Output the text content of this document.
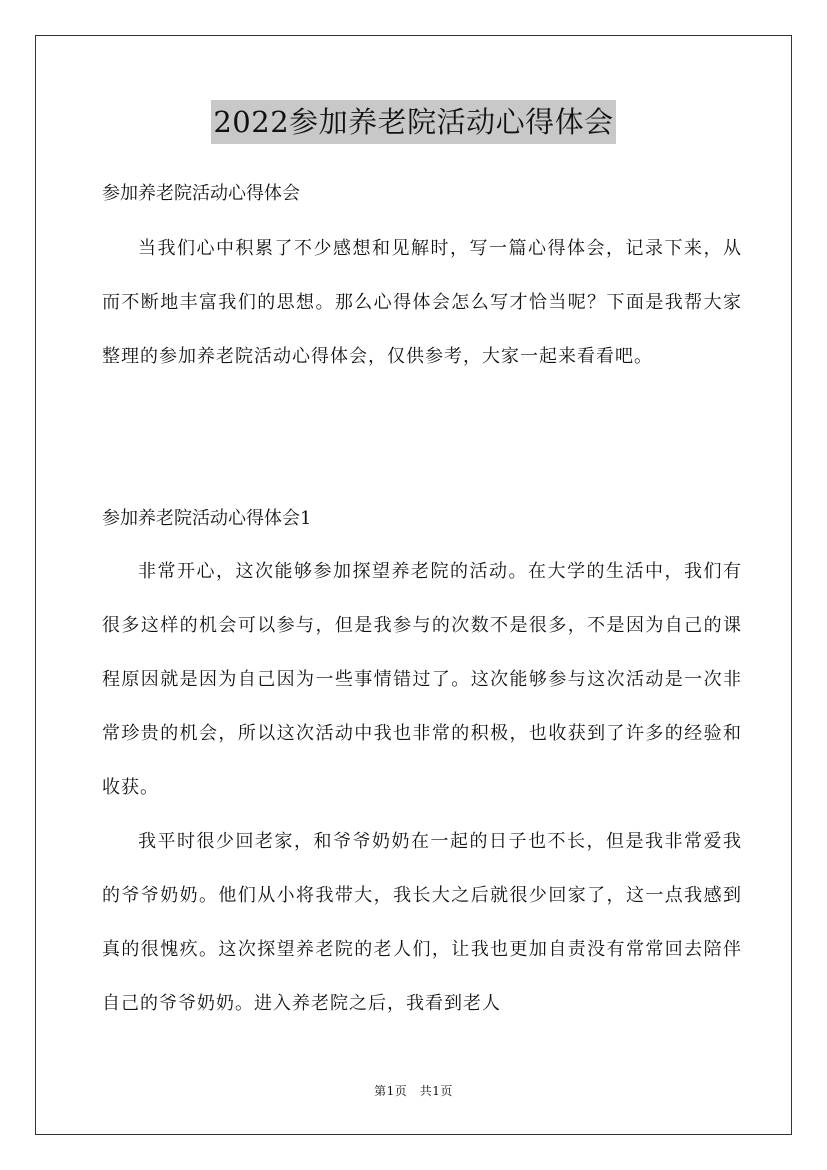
2022参加养老院活动心得体会
参加养老院活动心得体会
当我们心中积累了不少感想和见解时，写一篇心得体会，记录下来，从而不断地丰富我们的思想。那么心得体会怎么写才恰当呢？下面是我帮大家整理的参加养老院活动心得体会，仅供参考，大家一起来看看吧。
参加养老院活动心得体会1
非常开心，这次能够参加探望养老院的活动。在大学的生活中，我们有很多这样的机会可以参与，但是我参与的次数不是很多，不是因为自己的课程原因就是因为自己因为一些事情错过了。这次能够参与这次活动是一次非常珍贵的机会，所以这次活动中我也非常的积极，也收获到了许多的经验和收获。
我平时很少回老家，和爷爷奶奶在一起的日子也不长，但是我非常爱我的爷爷奶奶。他们从小将我带大，我长大之后就很少回家了，这一点我感到真的很愧疚。这次探望养老院的老人们，让我也更加自责没有常常回去陪伴自己的爷爷奶奶。进入养老院之后，我看到老人
第1页　共1页
